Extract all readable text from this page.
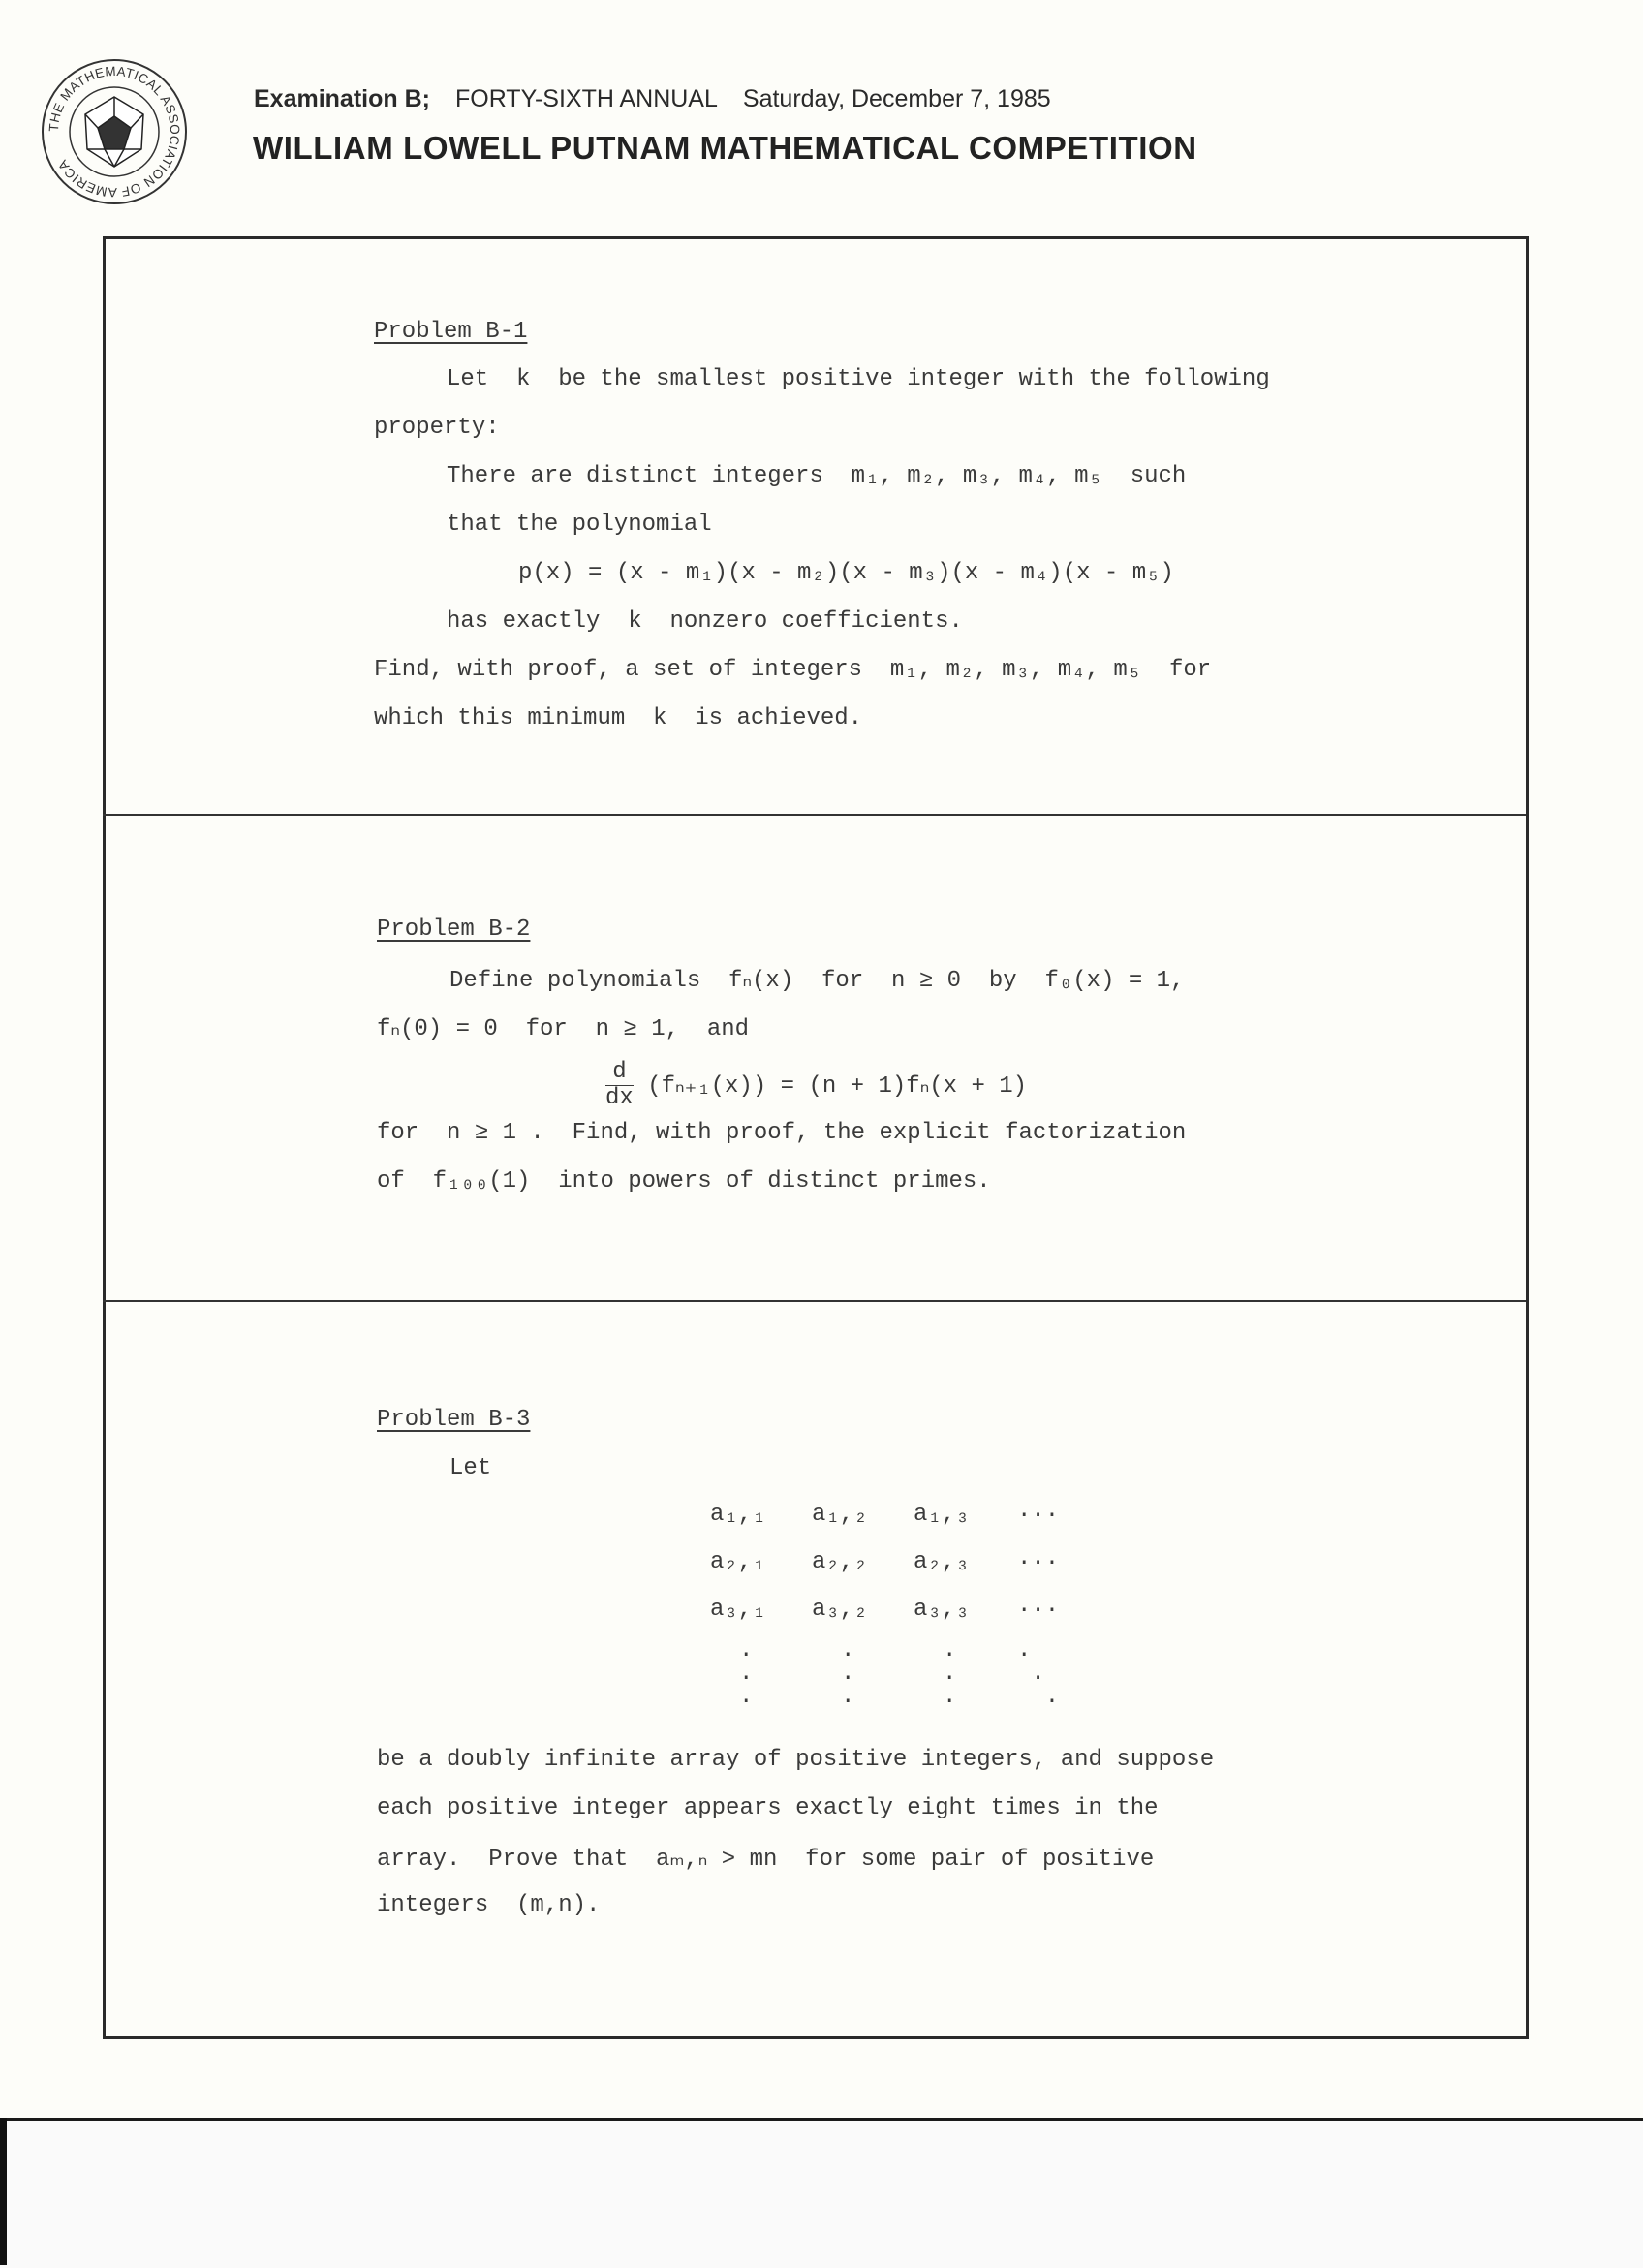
THE MATHEMATICAL ASSOCIATION OF AMERICA
Examination B; FORTY-SIXTH ANNUAL Saturday, December 7, 1985
WILLIAM LOWELL PUTNAM MATHEMATICAL COMPETITION
Problem B-1
Let  k  be the smallest positive integer with the following
property:
There are distinct integers  m₁, m₂, m₃, m₄, m₅  such
that the polynomial
p(x) = (x - m₁)(x - m₂)(x - m₃)(x - m₄)(x - m₅)
has exactly  k  nonzero coefficients.
Find, with proof, a set of integers  m₁, m₂, m₃, m₄, m₅  for
which this minimum  k  is achieved.
Problem B-2
Define polynomials  fₙ(x)  for  n ≥ 0  by  f₀(x) = 1,
fₙ(0) = 0  for  n ≥ 1,  and
$\frac{d}{dx} (f_{n+1}(x)) = (n + 1)f_n(x + 1)$
for  n ≥ 1 .  Find, with proof, the explicit factorization
of  f₁₀₀(1)  into powers of distinct primes.
Problem B-3
Let
a₁,₁ a₁,₂ a₁,₃ ...
a₂,₁ a₂,₂ a₂,₃ ...
a₃,₁ a₃,₂ a₃,₃ ...
.
.
.
.
.
.
.
.
.
.
.
.
be a doubly infinite array of positive integers, and suppose
each positive integer appears exactly eight times in the
array.  Prove that  aₘ,ₙ > mn  for some pair of positive
integers  (m,n).
